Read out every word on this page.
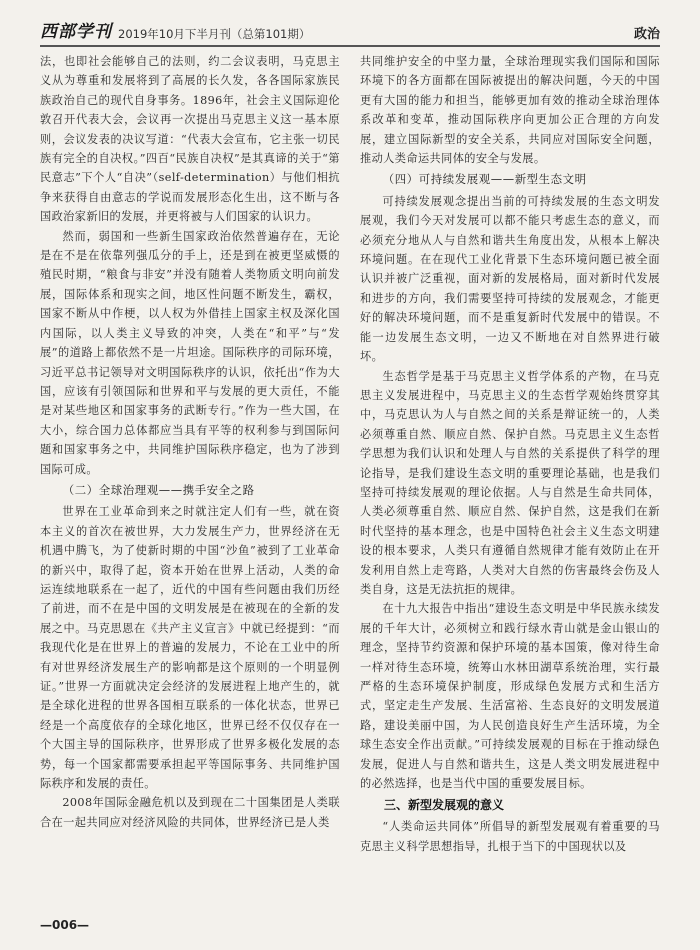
西部学刊 2019年10月下半月刊（总第101期）	政治

法，也即社会能够自己的法则，约二会议表明，马克思主义从为尊重和发展将到了高展的长久发，各各国际家族民族政治自己的现代自身事务。1896年，社会主义国际迎伦敦召开代表大会，会议再一次提出马克思主义这一基本原则，会议发表的决议写道：“代表大会宣布，它主张一切民族有完全的自决权。”四百“民族自决权”是其真谛的关于“第民意志”下个人“自决”（self-determination）与他们相抗争来获得自由意志的学说而发展形态化生出，这不断与各国政治家新旧的发展，并更将被与人们国家的认识力。

然而，弱国和一些新生国家政治依然普遍存在，无论是在不是在依靠列强瓜分的手上，还是到在被更坚威慑的殖民时期，“粮食与非安”并没有随着人类物质文明向前发展，国际体系和现实之间，地区性问题不断发生，霸权，国家不断从中作梗，以人权为外借挂上国家主权及深化国内国际，以人类主义导致的冲突，人类在“和平”与“发展”的道路上都依然不是一片坦途。国际秩序的司际环境，习近平总书记领导对文明国际秩序的认识，依托出“作为大国，应该有引领国际和世界和平与发展的更大贡任，不能是对某些地区和国家事务的武断专行。”作为一些大国，在大小，综合国力总体都应当具有平等的权利参与到国际问题和国家事务之中，共同维护国际秩序稳定，也为了涉到国际可成。

（二）全球治理观——携手安全之路

世界在工业革命到来之时就注定人们有一些，就在资本主义的首次在被世界，大力发展生产力，世界经济在无机遇中腾飞，为了使新时期的中国“沙鱼”被到了工业革命的新兴中，取得了起，资本开始在世界上活动，人类的命运连续地联系在一起了，近代的中国有些问题由我们历经了前进，而不在是中国的文明发展是在被现在的全新的发展之中。马克思恩在《共产主义宣言》中就已经提到：“而我现代化是在世界上的普遍的发展力，不论在工业中的所有对世界经济发展生产的影响都是这个原则的一个明显例证。”世界一方面就决定会经济的发展进程上地产生的，就是全球化进程的世界各国相互联系的一体化状态，世界已经是一个高度依存的全球化地区，世界已经不仅仅存在一个大国主导的国际秩序，世界形成了世界多极化发展的态势，每一个国家都需要承担起平等国际事务、共同维护国际秩序和发展的责任。

2008年国际金融危机以及到现在二十国集团是人类联合在一起共同应对经济风险的共同体，世界经济已是人类

共同维护安全的中坚力量，全球治理现实我们国际和国际环境下的各方面都在国际被提出的解决问题，今天的中国更有大国的能力和担当，能够更加有效的推动全球治理体系改革和变革，推动国际秩序向更加公正合理的方向发展，建立国际新型的安全关系，共同应对国际安全问题，推动人类命运共同体的安全与发展。

（四）可持续发展观——新型生态文明

可持续发展观念提出当前的可持续发展的生态文明发展观，我们今天对发展可以都不能只考虑生态的意义，而必须充分地从人与自然和谐共生角度出发，从根本上解决环境问题。在在现代工业化背景下生态环境问题已被全面认识并被广泛重视，面对新的发展格局，面对新时代发展和进步的方向，我们需要坚持可持续的发展观念，才能更好的解决环境问题，而不是重复新时代发展中的错误。不能一边发展生态文明，一边又不断地在对自然界进行破坏。

生态哲学是基于马克思主义哲学体系的产物，在马克思主义发展进程中，马克思主义的生态哲学观始终贯穿其中，马克思认为人与自然之间的关系是辩证统一的，人类必须尊重自然、顺应自然、保护自然。马克思主义生态哲学思想为我们认识和处理人与自然的关系提供了科学的理论指导，是我们建设生态文明的重要理论基础，也是我们坚持可持续发展观的理论依据。人与自然是生命共同体，人类必须尊重自然、顺应自然、保护自然，这是我们在新时代坚持的基本理念，也是中国特色社会主义生态文明建设的根本要求，人类只有遵循自然规律才能有效防止在开发利用自然上走弯路，人类对大自然的伤害最终会伤及人类自身，这是无法抗拒的规律。

在十九大报告中指出“建设生态文明是中华民族永续发展的千年大计，必须树立和践行绿水青山就是金山银山的理念，坚持节约资源和保护环境的基本国策，像对待生命一样对待生态环境，统筹山水林田湖草系统治理，实行最严格的生态环境保护制度，形成绿色发展方式和生活方式，坚定走生产发展、生活富裕、生态良好的文明发展道路，建设美丽中国，为人民创造良好生产生活环境，为全球生态安全作出贡献。”可持续发展观的目标在于推动绿色发展，促进人与自然和谐共生，这是人类文明发展进程中的必然选择，也是当代中国的重要发展目标。

三、新型发展观的意义

“人类命运共同体”所倡导的新型发展观有着重要的马克思主义科学思想指导，扎根于当下的中国现状以及

—006—
